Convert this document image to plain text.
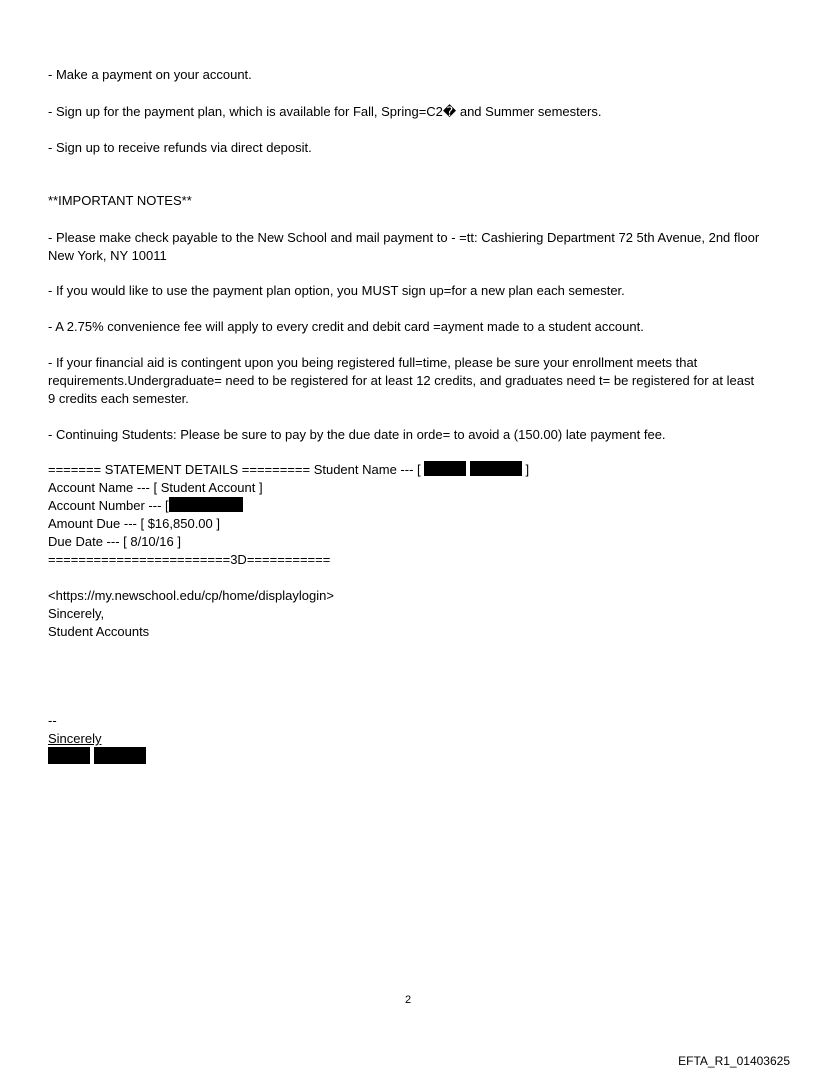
- Make a payment on your account.
- Sign up for the payment plan, which is available for Fall, Spring=C2� and Summer semesters.
- Sign up to receive refunds via direct deposit.
**IMPORTANT NOTES**
- Please make check payable to the New School and mail payment to - =tt: Cashiering Department 72 5th Avenue, 2nd floor New York, NY 10011
- If you would like to use the payment plan option, you MUST sign up=for a new plan each semester.
- A 2.75% convenience fee will apply to every credit and debit card =ayment made to a student account.
- If your financial aid is contingent upon you being registered full=time, please be sure your enrollment meets that requirements.Undergraduate= need to be registered for at least 12 credits, and graduates need t= be registered for at least 9 credits each semester.
- Continuing Students: Please be sure to pay by the due date in orde= to avoid a (150.00) late payment fee.
======= STATEMENT DETAILS ========= Student Name --- [	]
Account Name --- [ Student Account ]
Account Number --- [
Amount Due --- [ $16,850.00 ]
Due Date --- [ 8/10/16 ]
========================3D===========
<https://my.newschool.edu/cp/home/displaylogin>
Sincerely,
Student Accounts
--
Sincerely

2
EFTA_R1_01403625
